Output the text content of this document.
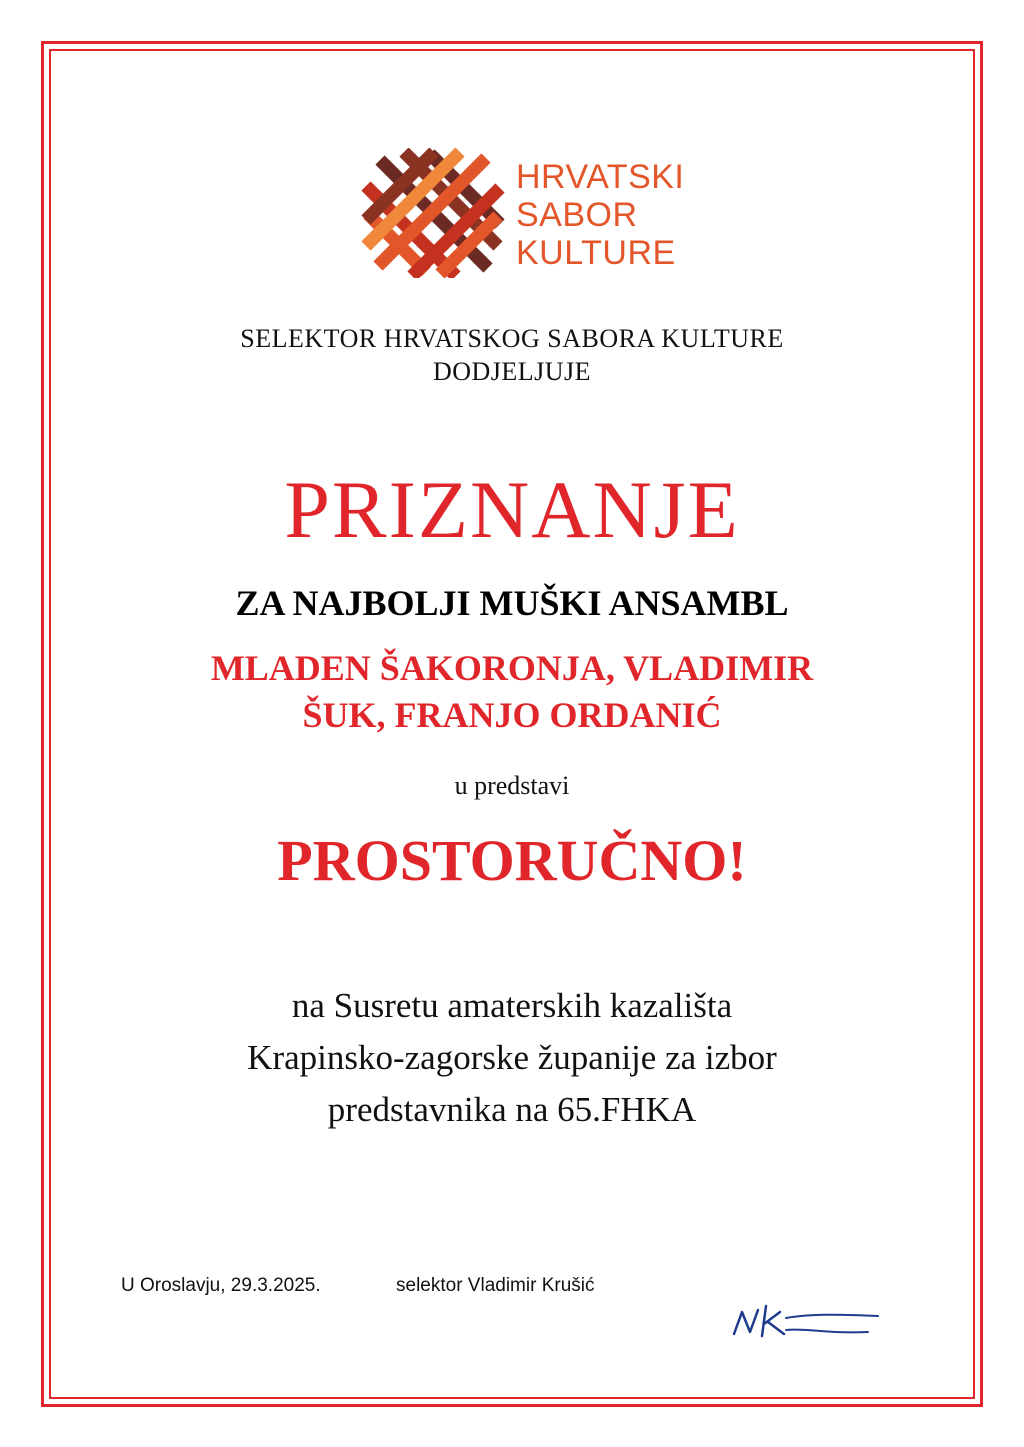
HRVATSKI
SABOR
KULTURE
SELEKTOR HRVATSKOG SABORA KULTURE
DODJELJUJE
PRIZNANJE
ZA NAJBOLJI MUŠKI ANSAMBL
MLADEN ŠAKORONJA, VLADIMIR
ŠUK, FRANJO ORDANIĆ
u predstavi
PROSTORUČNO!
na Susretu amaterskih kazališta
Krapinsko-zagorske županije za izbor
predstavnika na 65.FHKA
U Oroslavju, 29.3.2025.	selektor Vladimir Krušić
